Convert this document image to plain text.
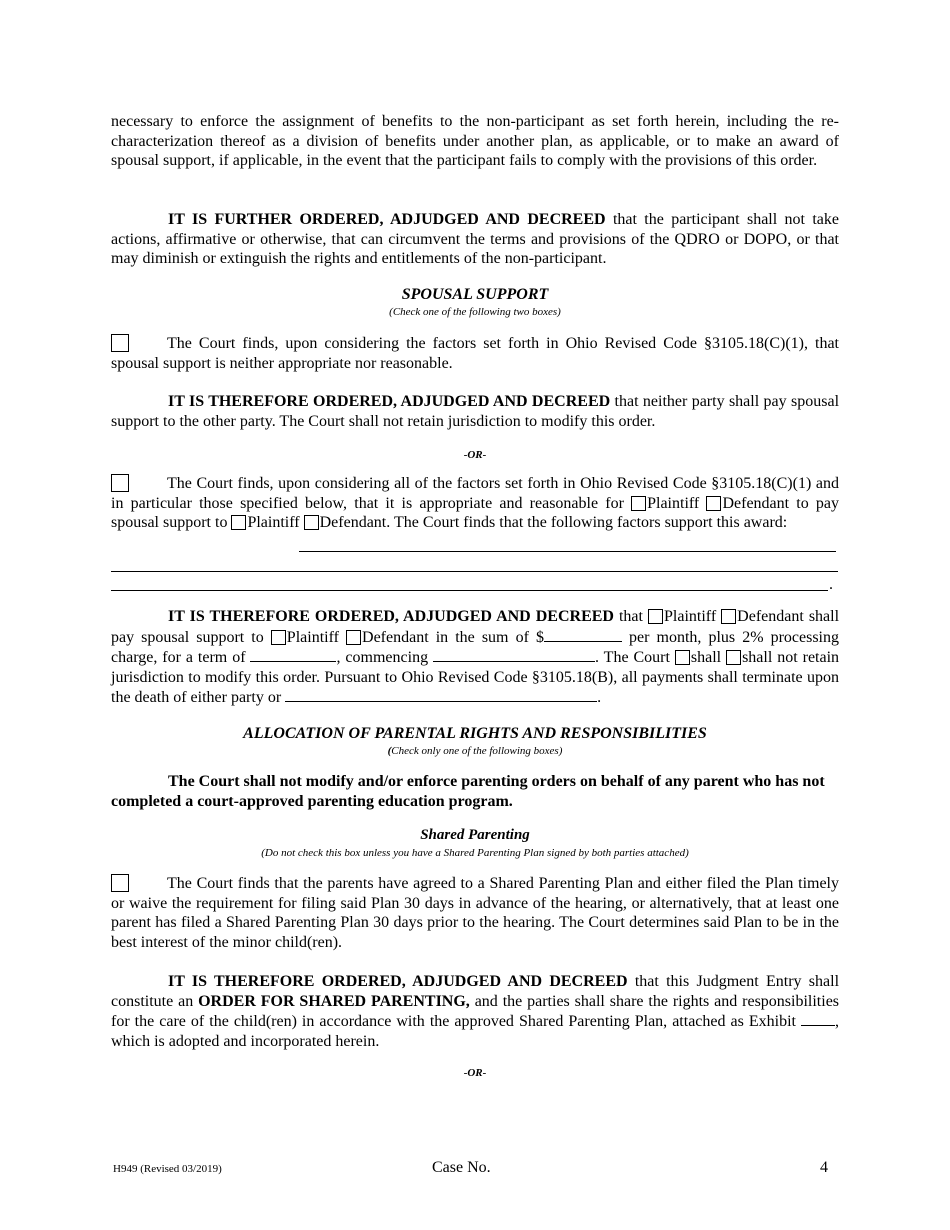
necessary to enforce the assignment of benefits to the non-participant as set forth herein, including the re-characterization thereof as a division of benefits under another plan, as applicable, or to make an award of spousal support, if applicable, in the event that the participant fails to comply with the provisions of this order.
IT IS FURTHER ORDERED, ADJUDGED AND DECREED that the participant shall not take actions, affirmative or otherwise, that can circumvent the terms and provisions of the QDRO or DOPO, or that may diminish or extinguish the rights and entitlements of the non-participant.
SPOUSAL SUPPORT
(Check one of the following two boxes)
The Court finds, upon considering the factors set forth in Ohio Revised Code §3105.18(C)(1), that spousal support is neither appropriate nor reasonable.
IT IS THEREFORE ORDERED, ADJUDGED AND DECREED that neither party shall pay spousal support to the other party. The Court shall not retain jurisdiction to modify this order.
-OR-
The Court finds, upon considering all of the factors set forth in Ohio Revised Code §3105.18(C)(1) and in particular those specified below, that it is appropriate and reasonable for Plaintiff Defendant to pay spousal support to Plaintiff Defendant. The Court finds that the following factors support this award:
.
IT IS THEREFORE ORDERED, ADJUDGED AND DECREED that Plaintiff Defendant shall pay spousal support to Plaintiff Defendant in the sum of $	per month, plus 2% processing charge, for a term of	, commencing	. The Court shall shall not retain jurisdiction to modify this order. Pursuant to Ohio Revised Code §3105.18(B), all payments shall terminate upon the death of either party or	.
ALLOCATION OF PARENTAL RIGHTS AND RESPONSIBILITIES
(Check only one of the following boxes)
The Court shall not modify and/or enforce parenting orders on behalf of any parent who has not completed a court-approved parenting education program.
Shared Parenting
(Do not check this box unless you have a Shared Parenting Plan signed by both parties attached)
The Court finds that the parents have agreed to a Shared Parenting Plan and either filed the Plan timely or waive the requirement for filing said Plan 30 days in advance of the hearing, or alternatively, that at least one parent has filed a Shared Parenting Plan 30 days prior to the hearing. The Court determines said Plan to be in the best interest of the minor child(ren).
IT IS THEREFORE ORDERED, ADJUDGED AND DECREED that this Judgment Entry shall constitute an ORDER FOR SHARED PARENTING, and the parties shall share the rights and responsibilities for the care of the child(ren) in accordance with the approved Shared Parenting Plan, attached as Exhibit , which is adopted and incorporated herein.
-OR-
H949 (Revised 03/2019)	Case No.	4
